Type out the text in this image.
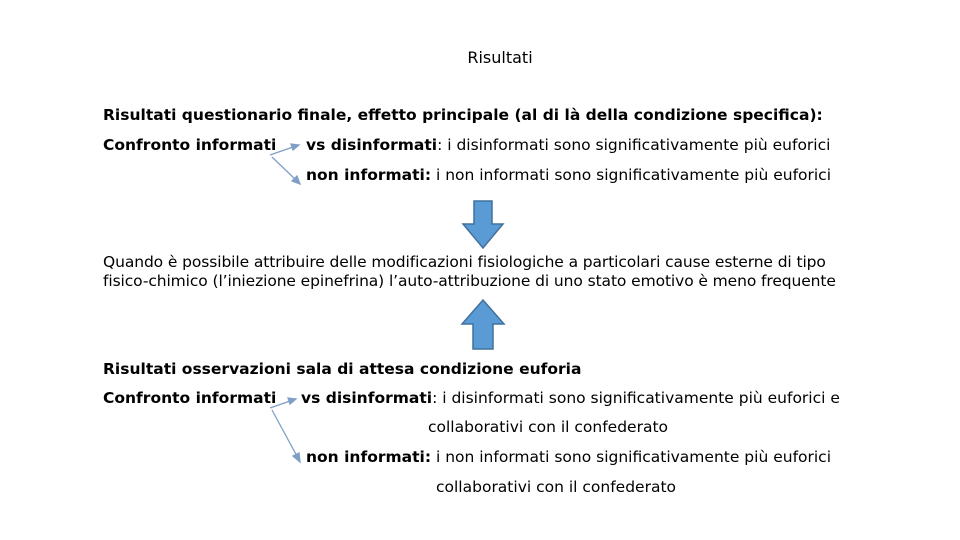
Risultati
Risultati questionario finale, effetto principale (al di là della condizione specifica):
Confronto informati vs disinformati: i disinformati sono significativamente più euforici
non informati: i non informati sono significativamente più euforici
Quando è possibile attribuire delle modificazioni fisiologiche a particolari cause esterne di tipo
fisico-chimico (l’iniezione epinefrina) l’auto-attribuzione di uno stato emotivo è meno frequente
Risultati osservazioni sala di attesa condizione euforia
Confronto informati vs disinformati: i disinformati sono significativamente più euforici e
collaborativi con il confederato
non informati: i non informati sono significativamente più euforici
collaborativi con il confederato
